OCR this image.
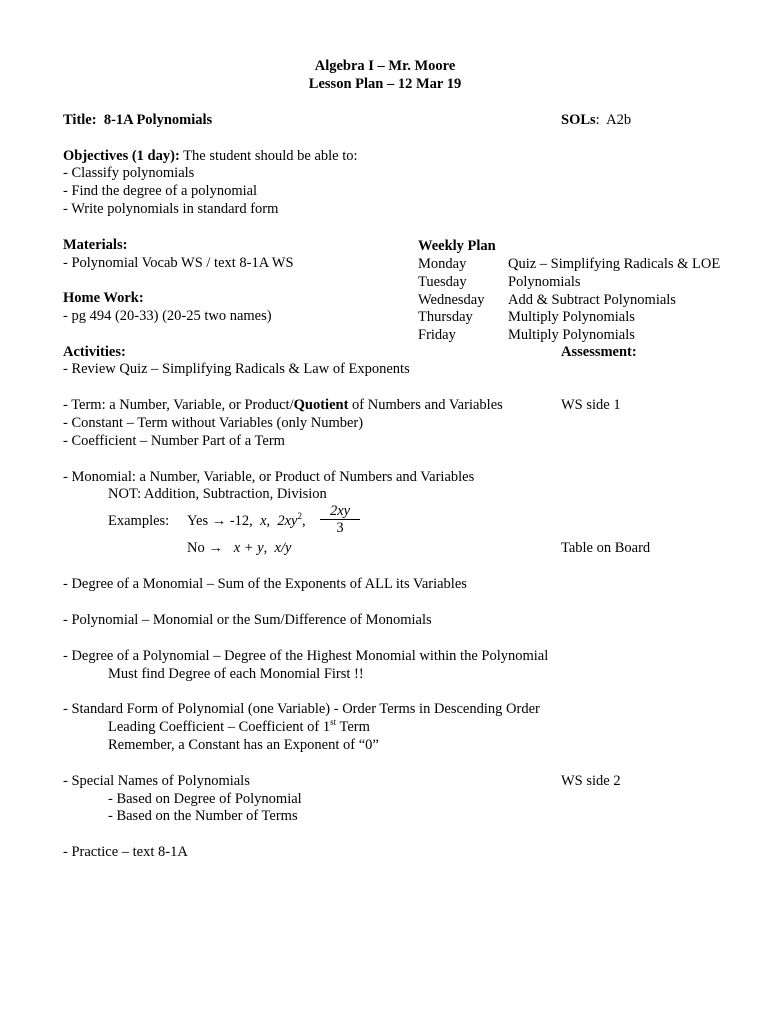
Algebra I – Mr. Moore
Lesson Plan – 12 Mar 19
Title: 8-1A Polynomials	SOLs:  A2b
Objectives (1 day): The student should be able to:
- Classify polynomials
- Find the degree of a polynomial
- Write polynomials in standard form
Materials:
- Polynomial Vocab WS / text 8-1A WS
Home Work:
- pg 494 (20-33) (20-25 two names)
Weekly Plan
Monday	Quiz – Simplifying Radicals & LOE
Tuesday	Polynomials
Wednesday Add & Subtract Polynomials
Thursday Multiply Polynomials
Friday	Multiply Polynomials
Activities:	Assessment:
- Review Quiz – Simplifying Radicals & Law of Exponents
- Term: a Number, Variable, or Product/Quotient of Numbers and Variables	WS side 1
- Constant – Term without Variables (only Number)
- Coefficient – Number Part of a Term
- Monomial: a Number, Variable, or Product of Numbers and Variables
NOT: Addition, Subtraction, Division
Examples: Yes → -12, x,  $2xy^2$, $\frac{2xy}{3}$
No → x + y,  x/y	Table on Board
- Degree of a Monomial – Sum of the Exponents of ALL its Variables
- Polynomial – Monomial or the Sum/Difference of Monomials
- Degree of a Polynomial – Degree of the Highest Monomial within the Polynomial
Must find Degree of each Monomial First !!
- Standard Form of Polynomial (one Variable) - Order Terms in Descending Order
Leading Coefficient – Coefficient of 1st Term
Remember, a Constant has an Exponent of “0”
- Special Names of Polynomials	WS side 2
- Based on Degree of Polynomial
- Based on the Number of Terms
- Practice – text 8-1A
